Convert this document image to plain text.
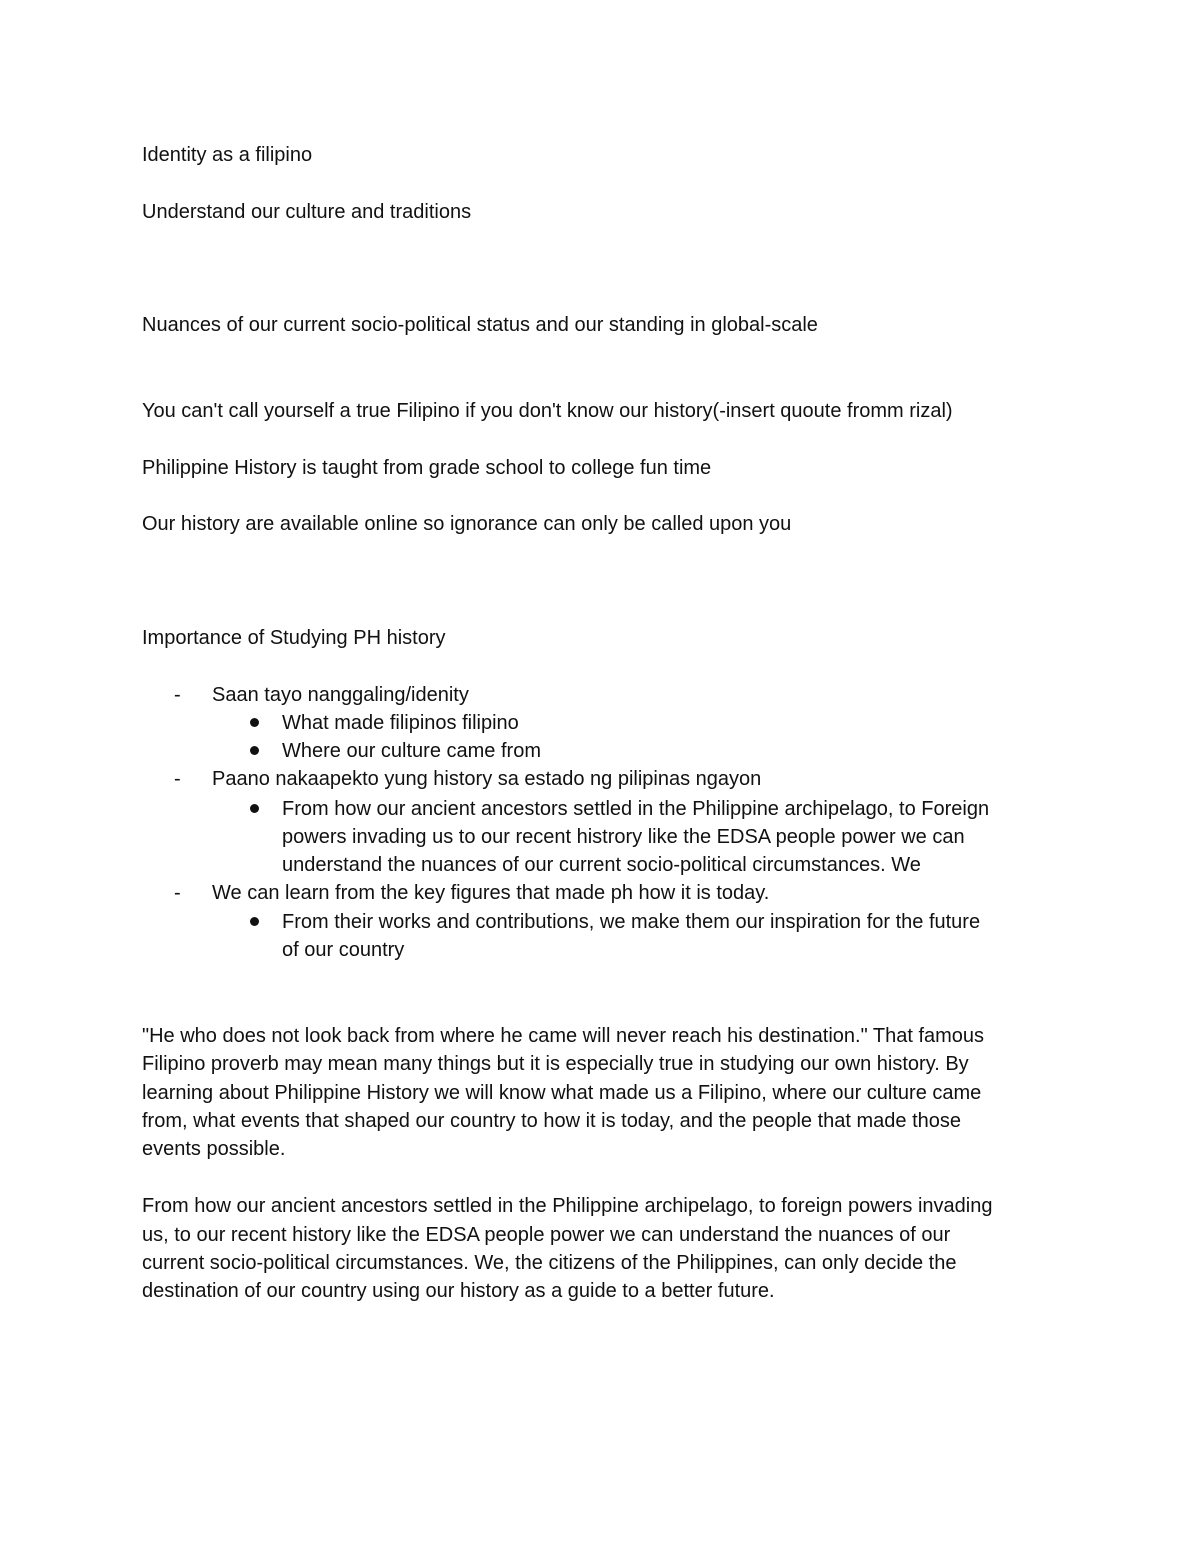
Identity as a filipino
Understand our culture and traditions
Nuances of our current socio-political status and our standing in global-scale
You can't call yourself a true Filipino if you don't know our history(-insert quoute fromm rizal)
Philippine History is taught from grade school to college fun time
Our history are available online so ignorance can only be called upon you
Importance of Studying PH history
- Saan tayo nanggaling/idenity
What made filipinos filipino
Where our culture came from
- Paano nakaapekto yung history sa estado ng pilipinas ngayon
From how our ancient ancestors settled in the Philippine archipelago, to Foreign
powers invading us to our recent histrory like the EDSA people power we can
understand the nuances of our current socio-political circumstances. We
- We can learn from the key figures that made ph how it is today.
From their works and contributions, we make them our inspiration for the future
of our country
"He who does not look back from where he came will never reach his destination." That famous
Filipino proverb may mean many things but it is especially true in studying our own history. By
learning about Philippine History we will know what made us a Filipino, where our culture came
from, what events that shaped our country to how it is today, and the people that made those
events possible.
From how our ancient ancestors settled in the Philippine archipelago, to foreign powers invading
us, to our recent history like the EDSA people power we can understand the nuances of our
current socio-political circumstances. We, the citizens of the Philippines, can only decide the
destination of our country using our history as a guide to a better future.
